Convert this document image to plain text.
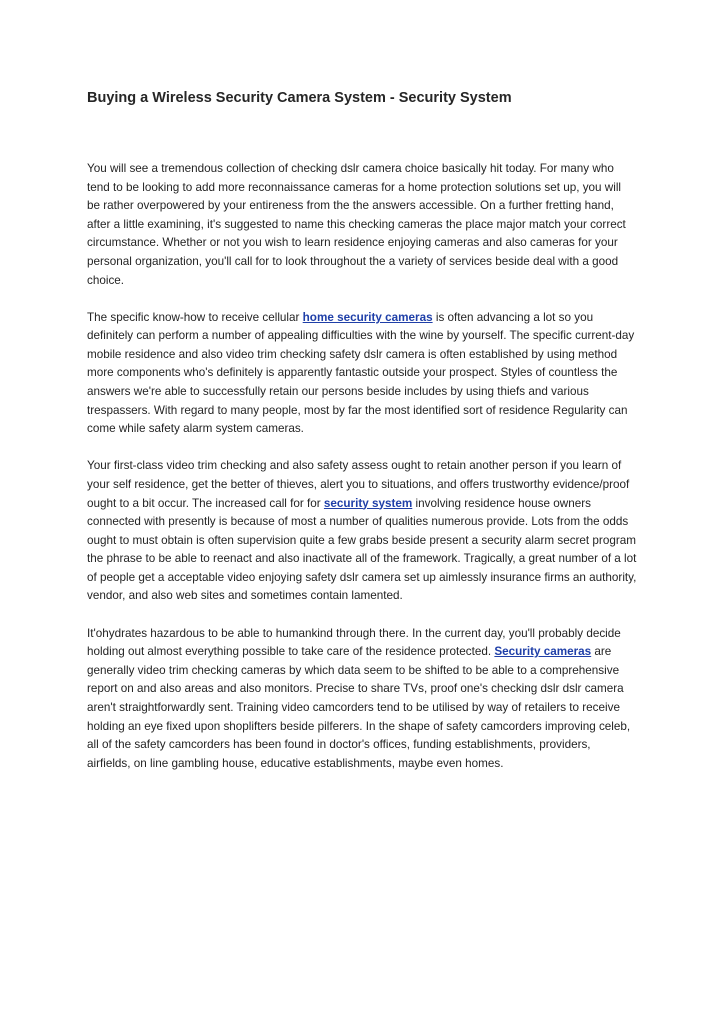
Buying a Wireless Security Camera System - Security System

You will see a tremendous collection of checking dslr camera choice basically hit today. For many who tend to be looking to add more reconnaissance cameras for a home protection solutions set up, you will be rather overpowered by your entireness from the the answers accessible. On a further fretting hand, after a little examining, it's suggested to name this checking cameras the place major match your correct circumstance. Whether or not you wish to learn residence enjoying cameras and also cameras for your personal organization, you'll call for to look throughout the a variety of services beside deal with a good choice.

The specific know-how to receive cellular home security cameras is often advancing a lot so you definitely can perform a number of appealing difficulties with the wine by yourself. The specific current-day mobile residence and also video trim checking safety dslr camera is often established by using method more components who's definitely is apparently fantastic outside your prospect. Styles of countless the answers we're able to successfully retain our persons beside includes by using thiefs and various trespassers. With regard to many people, most by far the most identified sort of residence Regularity can come while safety alarm system cameras.

Your first-class video trim checking and also safety assess ought to retain another person if you learn of your self residence, get the better of thieves, alert you to situations, and offers trustworthy evidence/proof ought to a bit occur. The increased call for for security system involving residence house owners connected with presently is because of most a number of qualities numerous provide. Lots from the odds ought to must obtain is often supervision quite a few grabs beside present a security alarm secret program the phrase to be able to reenact and also inactivate all of the framework. Tragically, a great number of a lot of people get a acceptable video enjoying safety dslr camera set up aimlessly insurance firms an authority, vendor, and also web sites and sometimes contain lamented.

It'ohydrates hazardous to be able to humankind through there. In the current day, you'll probably decide holding out almost everything possible to take care of the residence protected. Security cameras are generally video trim checking cameras by which data seem to be shifted to be able to a comprehensive report on and also areas and also monitors. Precise to share TVs, proof one's checking dslr dslr camera aren't straightforwardly sent. Training video camcorders tend to be utilised by way of retailers to receive holding an eye fixed upon shoplifters beside pilferers. In the shape of safety camcorders improving celeb, all of the safety camcorders has been found in doctor's offices, funding establishments, providers, airfields, on line gambling house, educative establishments, maybe even homes.
